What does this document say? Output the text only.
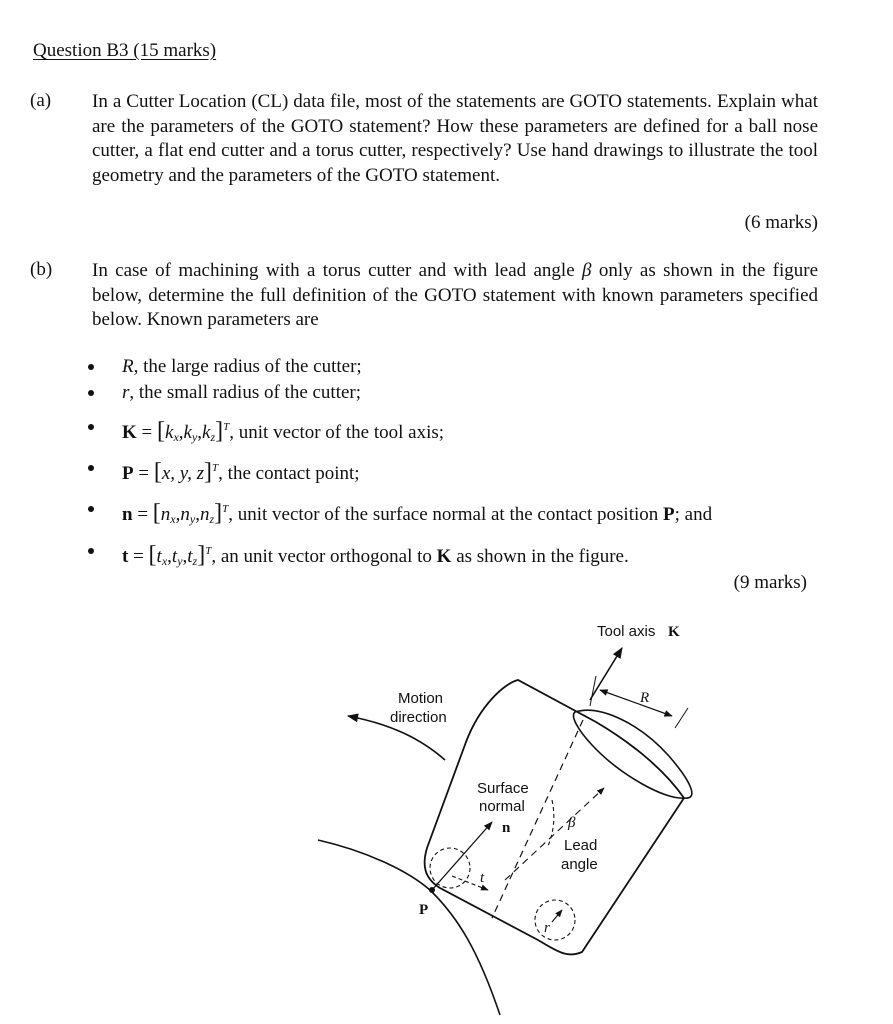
Question B3 (15 marks)
(a) In a Cutter Location (CL) data file, most of the statements are GOTO statements. Explain what are the parameters of the GOTO statement? How these parameters are defined for a ball nose cutter, a flat end cutter and a torus cutter, respectively? Use hand drawings to illustrate the tool geometry and the parameters of the GOTO statement.
(6 marks)
(b) In case of machining with a torus cutter and with lead angle β only as shown in the figure below, determine the full definition of the GOTO statement with known parameters specified below. Known parameters are
R, the large radius of the cutter;
r, the small radius of the cutter;
$K = [k_x,k_y,k_z]^T$, unit vector of the tool axis;
P = [x, y, z]$^T$, the contact point;
$n = [n_x,n_y,n_z]^T$, unit vector of the surface normal at the contact position P; and
$t = [t_x,t_y,t_z]^T$, an unit vector orthogonal to K as shown in the figure.
(9 marks)
Tool axis K
R
Motion
direction
Surface
normal
n	β
Lead
angle
t
P
r
